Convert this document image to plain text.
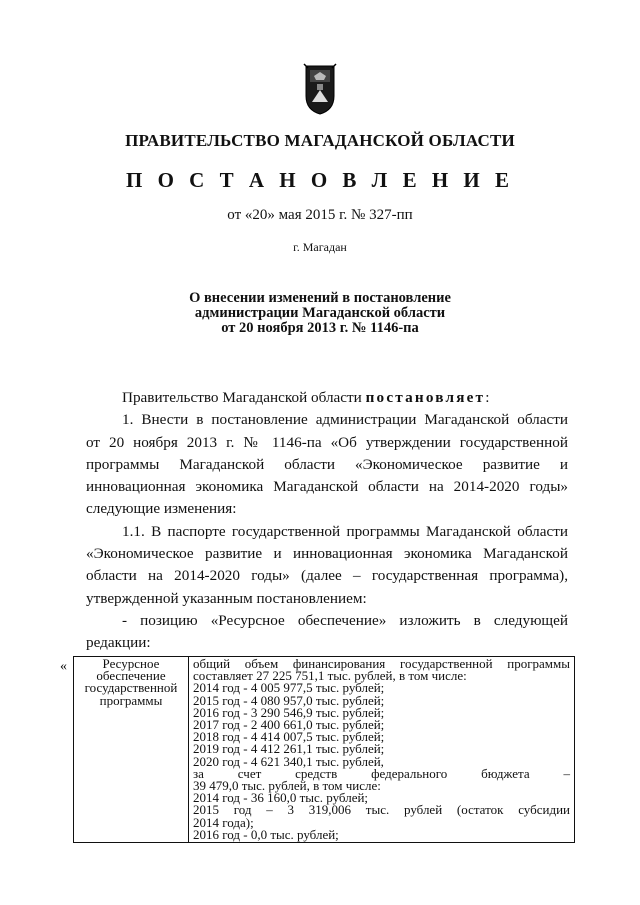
ПРАВИТЕЛЬСТВО МАГАДАНСКОЙ ОБЛАСТИ
П О С Т А Н О В Л Е Н И Е
от «20» мая 2015 г. № 327-пп
г. Магадан
О внесении изменений в постановление
администрации Магаданской области
от 20 ноября 2013 г. № 1146-па
Правительство Магаданской области постановляет:
1. Внести в постановление администрации Магаданской области
от 20 ноября 2013 г. № 1146-па «Об утверждении государственной
программы Магаданской области «Экономическое развитие и
инновационная экономика Магаданской области на 2014-2020 годы»
следующие изменения:
1.1. В паспорте государственной программы Магаданской области
«Экономическое развитие и инновационная экономика Магаданской
области на 2014-2020 годы» (далее – государственная программа),
утвержденной указанным постановлением:
- позицию «Ресурсное обеспечение» изложить в следующей
редакции:
«	Ресурсное
обеспечение
государственной
программы

общий объем финансирования государственной программы
составляет 27 225 751,1 тыс. рублей, в том числе:
2014 год - 4 005 977,5 тыс. рублей;
2015 год - 4 080 957,0 тыс. рублей;
2016 год - 3 290 546,9 тыс. рублей;
2017 год - 2 400 661,0 тыс. рублей;
2018 год - 4 414 007,5 тыс. рублей;
2019 год - 4 412 261,1 тыс. рублей;
2020 год - 4 621 340,1 тыс. рублей,
за счет средств федерального бюджета –
39 479,0 тыс. рублей, в том числе:
2014 год - 36 160,0 тыс. рублей;
2015 год – 3 319,006 тыс. рублей (остаток субсидии
2014 года);
2016 год - 0,0 тыс. рублей;
